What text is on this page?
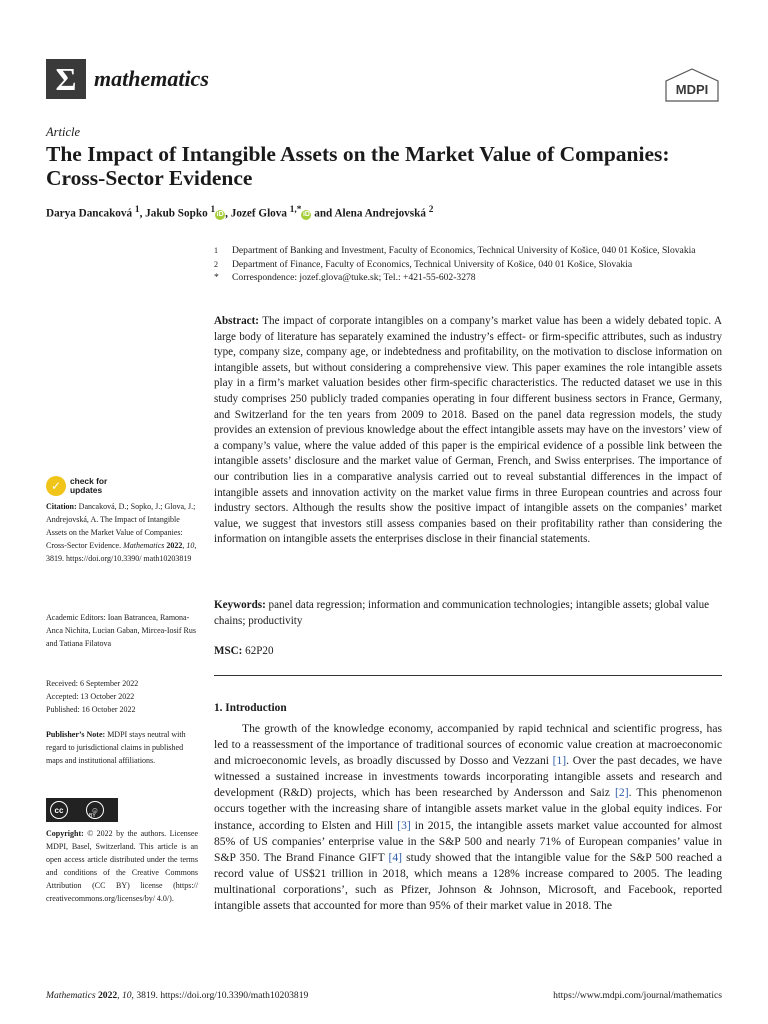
Σ mathematics	MDPI
Article
The Impact of Intangible Assets on the Market Value of Companies: Cross-Sector Evidence
Darya Dancaková $^1$, Jakub Sopko $^1$ iD , Jozef Glova $^{1,*}$ iD and Alena Andrejovská $^2$
1	Department of Banking and Investment, Faculty of Economics, Technical University of Košice, 040 01 Košice, Slovakia
2	Department of Finance, Faculty of Economics, Technical University of Košice, 040 01 Košice, Slovakia
*	Correspondence: jozef.glova@tuke.sk; Tel.: +421-55-602-3278
Abstract: The impact of corporate intangibles on a company’s market value has been a widely debated topic. A large body of literature has separately examined the industry’s effect- or firm-specific attributes, such as industry type, company size, company age, or indebtedness and profitability, on the motivation to disclose information on intangible assets, but without considering a comprehensive view. This paper examines the role intangible assets play in a firm’s market valuation besides other firm-specific characteristics. The reducted dataset we use in this study comprises 250 publicly traded companies operating in four different business sectors in France, Germany, and Switzerland for the ten years from 2009 to 2018. Based on the panel data regression models, the study provides an extension of previous knowledge about the effect intangible assets may have on the investors’ view of a company’s value, where the value added of this paper is the empirical evidence of a possible link between the intangible assets’ disclosure and the market value of German, French, and Swiss enterprises. The importance of our contribution lies in a comparative analysis carried out to reveal substantial differences in the impact of intangible assets and innovation activity on the market value firms in three European countries and across four industry sectors. Although the results show the positive impact of intangible assets on the companies’ market value, we suggest that investors still assess companies based on their profitability rather than considering the information on intangible assets the enterprises disclose in their financial statements.
Keywords: panel data regression; information and communication technologies; intangible assets; global value chains; productivity
MSC: 62P20
1. Introduction
The growth of the knowledge economy, accompanied by rapid technical and scientific progress, has led to a reassessment of the importance of traditional sources of economic value creation at macroeconomic and microeconomic levels, as broadly discussed by Dosso and Vezzani [1]. Over the past decades, we have witnessed a sustained increase in investments towards incorporating intangible assets and research and development (R&D) projects, which has been researched by Andersson and Saiz [2]. This phenomenon occurs together with the increasing share of intangible assets market value in the global equity indices. For instance, according to Elsten and Hill [3] in 2015, the intangible assets market value accounted for almost 85% of US companies’ enterprise value in the S&P 500 and nearly 71% of European companies’ value in S&P 350. The Brand Finance GIFT [4] study showed that the intangible value for the S&P 500 reached a record value of US$21 trillion in 2018, which means a 128% increase compared to 2005. The leading multinational corporations’, such as Pfizer, Johnson & Johnson, Microsoft, and Facebook, reported intangible assets that accounted for more than 95% of their market value in 2018. The
✓	check for
updates
Citation: Dancaková, D.; Sopko, J.; Glova, J.; Andrejovská, A. The Impact of Intangible Assets on the Market Value of Companies: Cross-Sector Evidence. Mathematics 2022, 10, 3819. https://doi.org/10.3390/ math10203819
Academic Editors: Ioan Batrancea, Ramona-Anca Nichita, Lucian Gaban, Mircea-Iosif Rus and Tatiana Filatova
Received: 6 September 2022
Accepted: 13 October 2022
Published: 16 October 2022
Publisher’s Note: MDPI stays neutral with regard to jurisdictional claims in published maps and institutional affiliations.
cc	☺
BY
Copyright: © 2022 by the authors. Licensee MDPI, Basel, Switzerland. This article is an open access article distributed under the terms and conditions of the Creative Commons Attribution (CC BY) license (https:// creativecommons.org/licenses/by/ 4.0/).
Mathematics 2022, 10, 3819. https://doi.org/10.3390/math10203819	https://www.mdpi.com/journal/mathematics
